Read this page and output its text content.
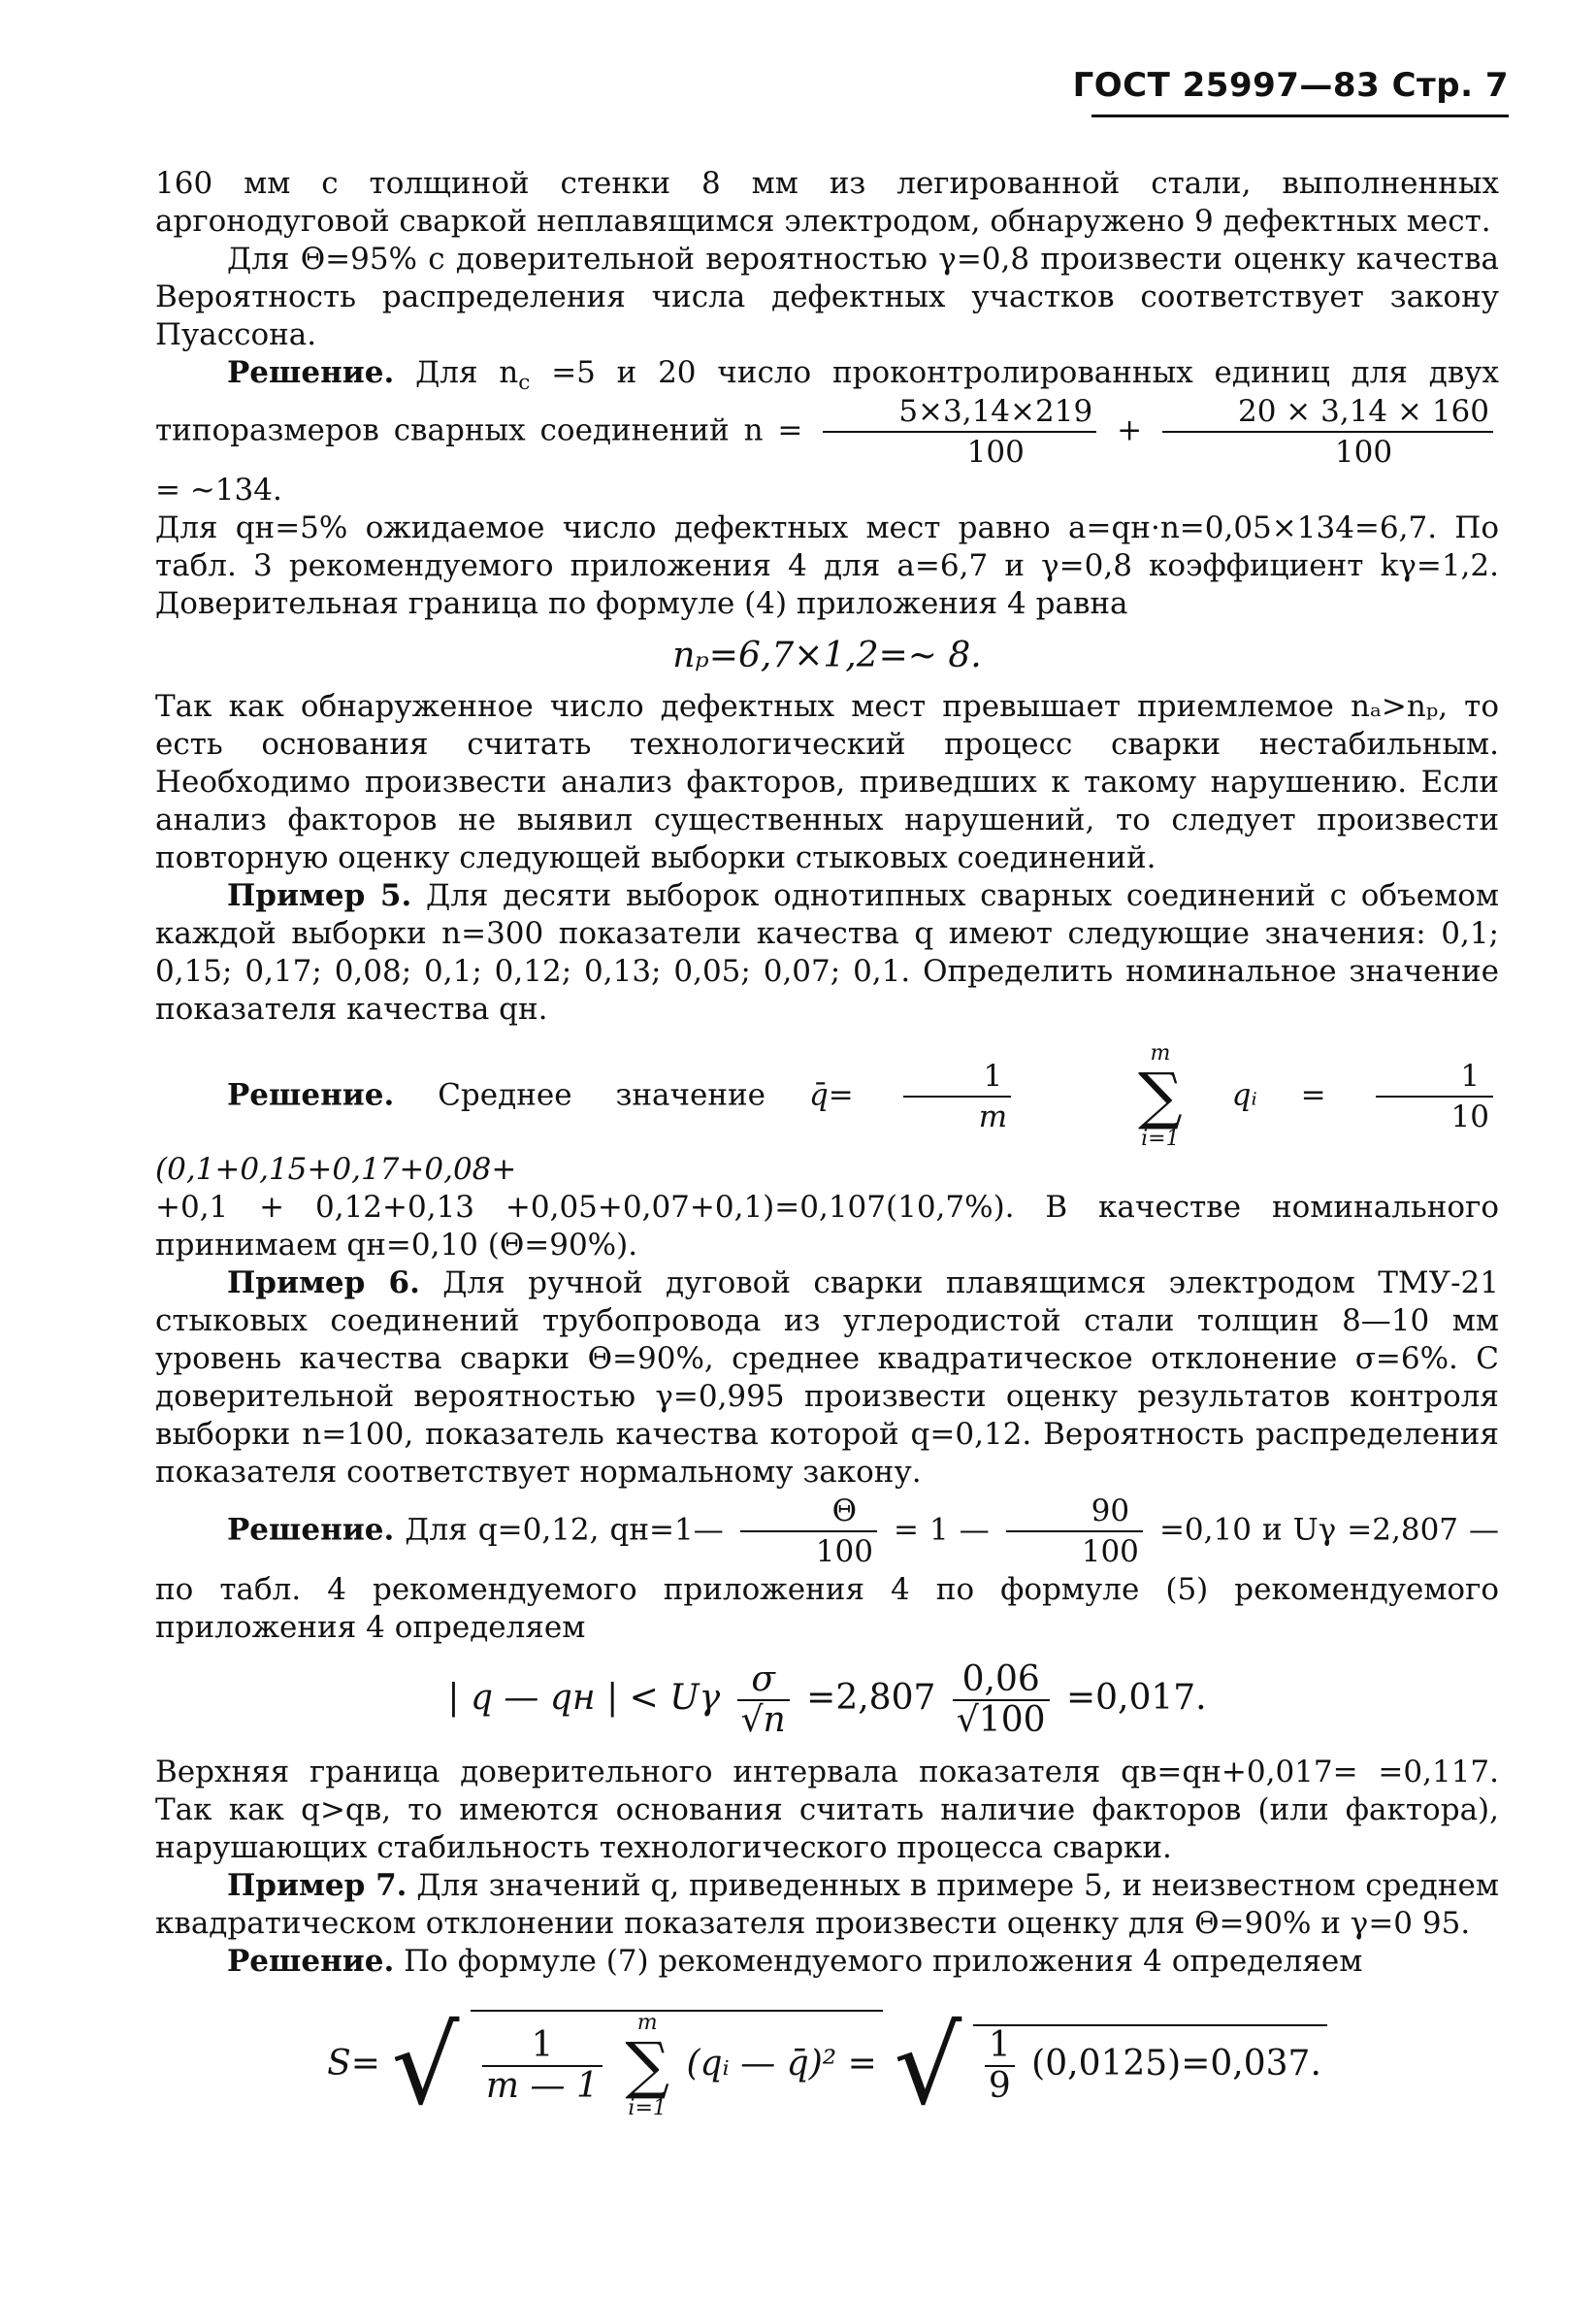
ГОСТ 25997—83 Стр. 7

160 мм с толщиной стенки 8 мм из легированной стали, выполненных аргонодуговой сваркой неплавящимся электродом, обнаружено 9 дефектных мест.

Для Θ=95% с доверительной вероятностью γ=0,8 произвести оценку качества Вероятность распределения числа дефектных участков соответствует закону Пуассона.

Решение. Для $n_c =5$ и 20 число проконтролированных единиц для двух типоразмеров сварных соединений $n = \frac{5\times 3,14\times 219}{100} + \frac{20 \times 3,14 \times 160}{100}$
= ~134.

Для qн=5% ожидаемое число дефектных мест равно a=qн·n=0,05×134=6,7. По табл. 3 рекомендуемого приложения 4 для a=6,7 и γ=0,8 коэффициент kγ=1,2. Доверительная граница по формуле (4) приложения 4 равна

nₚ=6,7×1,2=~ 8.

Так как обнаруженное число дефектных мест превышает приемлемое nₐ>nₚ, то есть основания считать технологический процесс сварки нестабильным. Необходимо произвести анализ факторов, приведших к такому нарушению. Если анализ факторов не выявил существенных нарушений, то следует произвести повторную оценку следующей выборки стыковых соединений.

Пример 5. Для десяти выборок однотипных сварных соединений с объемом каждой выборки n=300 показатели качества q имеют следующие значения: 0,1; 0,15; 0,17; 0,08; 0,1; 0,12; 0,13; 0,05; 0,07; 0,1. Определить номинальное значение показателя качества qн.

Решение. Среднее значение q̄= $\frac{1}{m}$

m
∑
i=1
qᵢ = $\frac{1}{10}$
(0,1+0,15+0,17+0,08+

+0,1 + 0,12+0,13 +0,05+0,07+0,1)=0,107(10,7%). В качестве номинального принимаем qн=0,10 (Θ=90%).

Пример 6. Для ручной дуговой сварки плавящимся электродом ТМУ-21 стыковых соединений трубопровода из углеродистой стали толщин 8—10 мм уровень качества сварки Θ=90%, среднее квадратическое отклонение σ=6%. С доверительной вероятностью γ=0,995 произвести оценку результатов контроля выборки n=100, показатель качества которой q=0,12. Вероятность распределения показателя соответствует нормальному закону.

Решение. Для q=0,12, qн=1— $\frac{\Theta}{100} = 1$ — $\frac{90}{100} =0,10$ и Uγ =2,807 — по табл. 4 рекомендуемого приложения 4 по формуле (5) рекомендуемого приложения 4 определяем

| q — qн | < Uγ $\frac{\sigma}{√n} =2,807 \frac{0,06}{√100} =0,017$.

Верхняя граница доверительного интервала показателя qв=qн+0,017= =0,117. Так как q>qв, то имеются основания считать наличие факторов (или фактора), нарушающих стабильность технологического процесса сварки.

Пример 7. Для значений q, приведенных в примере 5, и неизвестном среднем квадратическом отклонении показателя произвести оценку для Θ=90% и γ=0 95.

Решение. По формуле (7) рекомендуемого приложения 4 определяем

S= √ $\frac{1}{m — 1}$

m
∑
i=1
(qᵢ — q̄)² = √ $\frac{1}{9} (0,0125)=0,037$.
